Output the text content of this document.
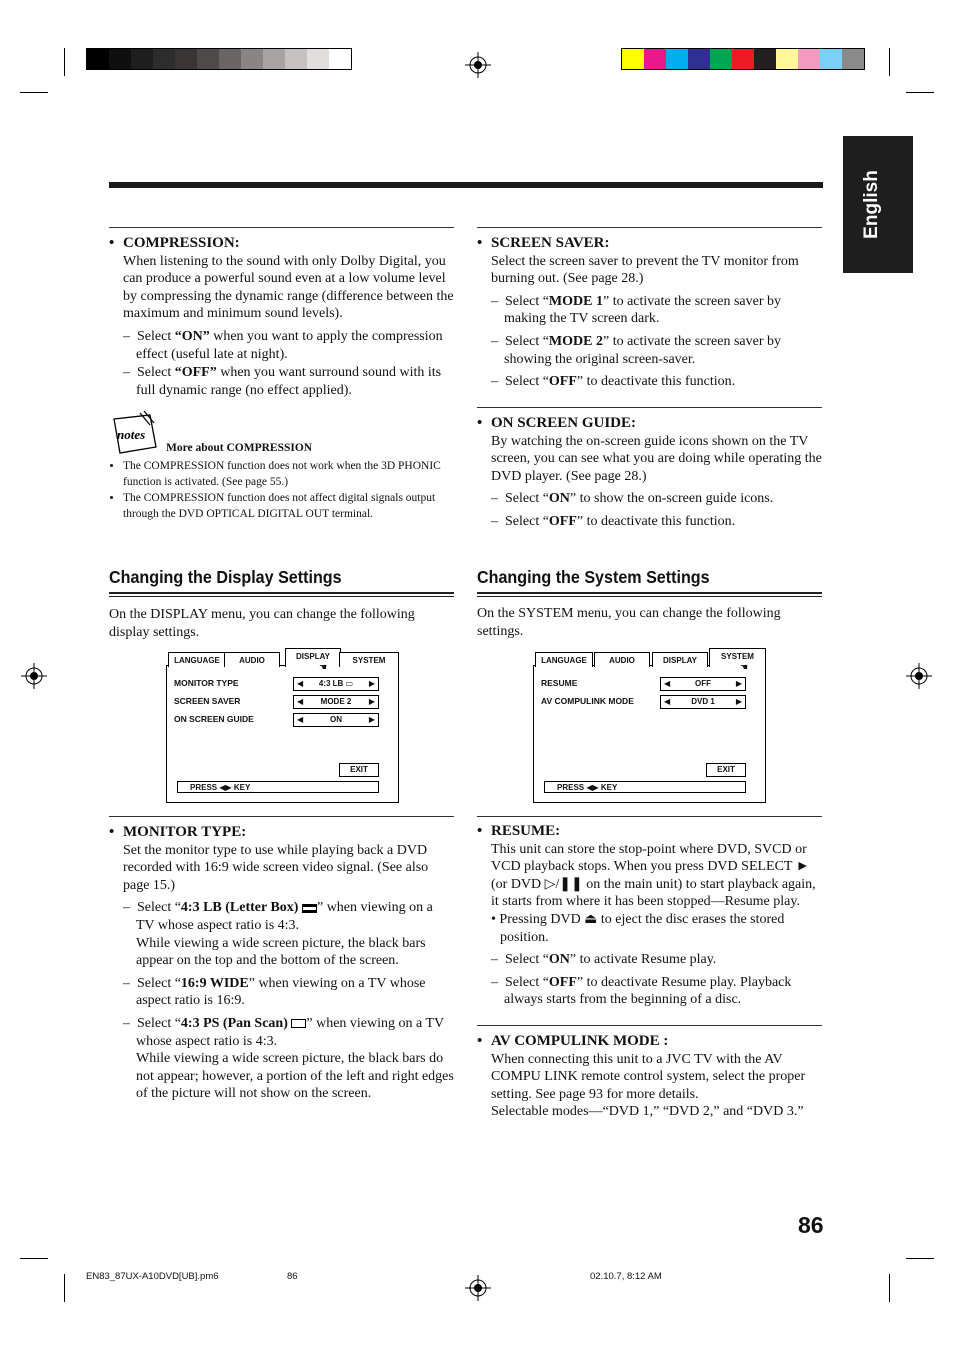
English

• COMPRESSION:

When listening to the sound with only Dolby Digital, you can produce a powerful sound even at a low volume level by compressing the dynamic range (difference between the maximum and minimum sound levels).

–  Select “ON” when you want to apply the compression effect (useful late at night).
–  Select “OFF” when you want surround sound with its full dynamic range (no effect applied).
notes
More about COMPRESSION
• The COMPRESSION function does not work when the 3D PHONIC function is activated. (See page 55.)
• The COMPRESSION function does not affect digital signals output through the DVD OPTICAL DIGITAL OUT terminal.
Changing the Display Settings
On the DISPLAY menu, you can change the following display settings.
LANGUAGE	AUDIO	DISPLAY	SYSTEM
☚
MONITOR TYPE	◀ 4:3 LB ▭ ▶
SCREEN SAVER	◀ MODE 2 ▶
ON SCREEN GUIDE	◀	ON	▶
EXIT
PRESS ◀▶ KEY

• MONITOR TYPE:

Set the monitor type to use while playing back a DVD recorded with 16:9 wide screen video signal. (See also page 15.)

–  Select “4:3 LB (Letter Box) ” when viewing on a TV whose aspect ratio is 4:3.

While viewing a wide screen picture, the black bars appear on the top and the bottom of the screen.

–  Select “16:9 WIDE” when viewing on a TV whose aspect ratio is 16:9.
–  Select “4:3 PS (Pan Scan) ” when viewing on a TV whose aspect ratio is 4:3.

While viewing a wide screen picture, the black bars do not appear; however, a portion of the left and right edges of the picture will not show on the screen.

• SCREEN SAVER:

Select the screen saver to prevent the TV monitor from burning out. (See page 28.)

–  Select “MODE 1” to activate the screen saver by making the TV screen dark.
–  Select “MODE 2” to activate the screen saver by showing the original screen-saver.
–  Select “OFF” to deactivate this function.

• ON SCREEN GUIDE:

By watching the on-screen guide icons shown on the TV screen, you can see what you are doing while operating the DVD player. (See page 28.)

–  Select “ON” to show the on-screen guide icons.
–  Select “OFF” to deactivate this function.
Changing the System Settings
On the SYSTEM menu, you can change the following settings.
LANGUAGE	AUDIO	DISPLAY	SYSTEM
☚
RESUME	◀	OFF	▶
AV COMPULINK MODE	◀	DVD 1	▶
EXIT
PRESS ◀▶ KEY

• RESUME:

This unit can store the stop-point where DVD, SVCD or VCD playback stops. When you press DVD SELECT ► (or DVD ▷/❚❚ on the main unit) to start playback again, it starts from where it has been stopped—Resume play.

• Pressing DVD ⏏ to eject the disc erases the stored position.

–  Select “ON” to activate Resume play.
–  Select “OFF” to deactivate Resume play. Playback always starts from the beginning of a disc.

• AV COMPULINK MODE :

When connecting this unit to a JVC TV with the AV COMPU LINK remote control system, select the proper setting. See page 93 for more details.

Selectable modes—“DVD 1,” “DVD 2,” and “DVD 3.”

86
EN83_87UX-A10DVD[UB].pm6	86	02.10.7, 8:12 AM
